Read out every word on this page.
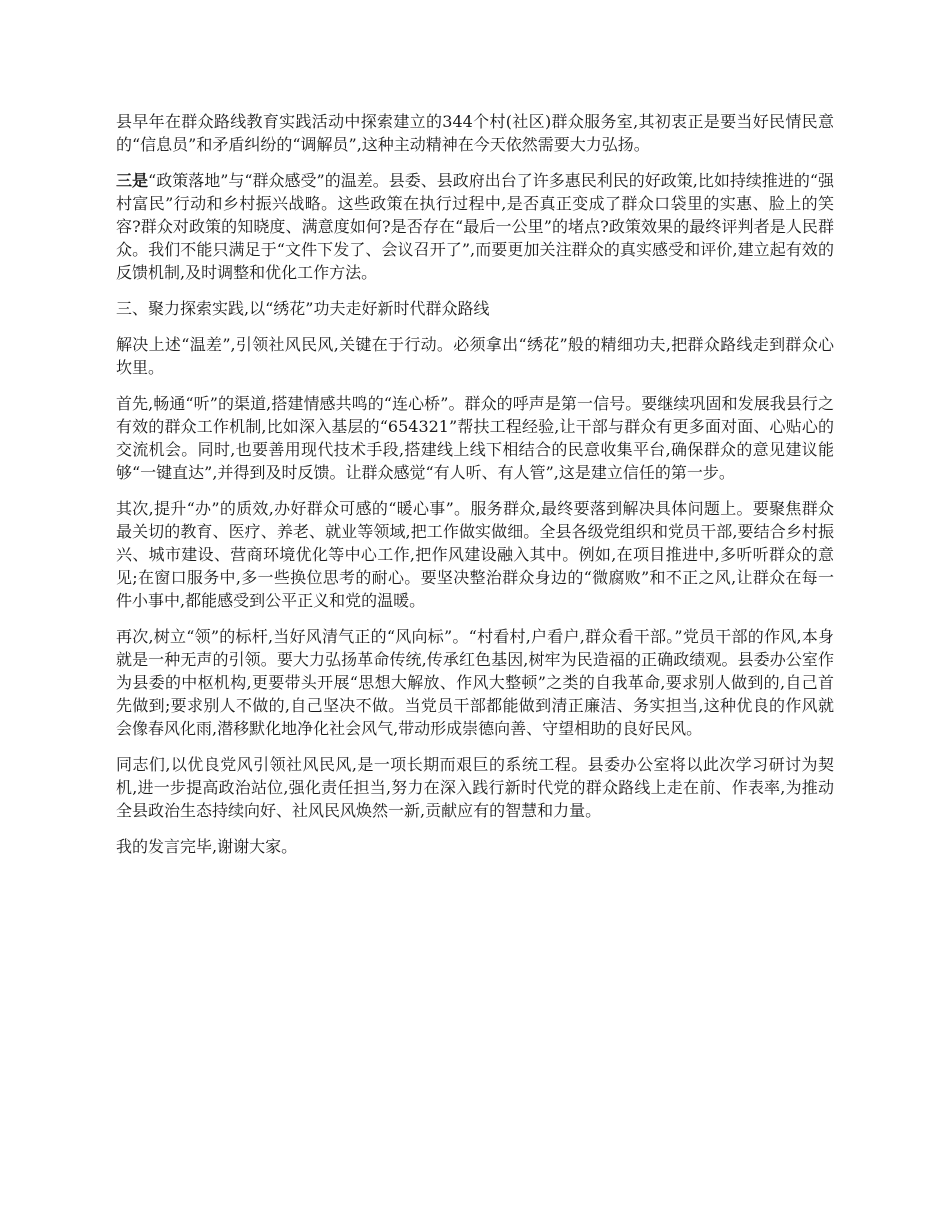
县早年在群众路线教育实践活动中探索建立的344个村(社区)群众服务室,其初衷正是要当好民情民意的“信息员”和矛盾纠纷的“调解员”,这种主动精神在今天依然需要大力弘扬。
三是“政策落地”与“群众感受”的温差。县委、县政府出台了许多惠民利民的好政策,比如持续推进的“强村富民”行动和乡村振兴战略。这些政策在执行过程中,是否真正变成了群众口袋里的实惠、脸上的笑容?群众对政策的知晓度、满意度如何?是否存在“最后一公里”的堵点?政策效果的最终评判者是人民群众。我们不能只满足于“文件下发了、会议召开了”,而要更加关注群众的真实感受和评价,建立起有效的反馈机制,及时调整和优化工作方法。
三、聚力探索实践,以“绣花”功夫走好新时代群众路线
解决上述“温差”,引领社风民风,关键在于行动。必须拿出“绣花”般的精细功夫,把群众路线走到群众心坎里。
首先,畅通“听”的渠道,搭建情感共鸣的“连心桥”。群众的呼声是第一信号。要继续巩固和发展我县行之有效的群众工作机制,比如深入基层的“654321”帮扶工程经验,让干部与群众有更多面对面、心贴心的交流机会。同时,也要善用现代技术手段,搭建线上线下相结合的民意收集平台,确保群众的意见建议能够“一键直达”,并得到及时反馈。让群众感觉“有人听、有人管”,这是建立信任的第一步。
其次,提升“办”的质效,办好群众可感的“暖心事”。服务群众,最终要落到解决具体问题上。要聚焦群众最关切的教育、医疗、养老、就业等领域,把工作做实做细。全县各级党组织和党员干部,要结合乡村振兴、城市建设、营商环境优化等中心工作,把作风建设融入其中。例如,在项目推进中,多听听群众的意见;在窗口服务中,多一些换位思考的耐心。要坚决整治群众身边的“微腐败”和不正之风,让群众在每一件小事中,都能感受到公平正义和党的温暖。
再次,树立“领”的标杆,当好风清气正的“风向标”。“村看村,户看户,群众看干部。”党员干部的作风,本身就是一种无声的引领。要大力弘扬革命传统,传承红色基因,树牢为民造福的正确政绩观。县委办公室作为县委的中枢机构,更要带头开展“思想大解放、作风大整顿”之类的自我革命,要求别人做到的,自己首先做到;要求别人不做的,自己坚决不做。当党员干部都能做到清正廉洁、务实担当,这种优良的作风就会像春风化雨,潜移默化地净化社会风气,带动形成崇德向善、守望相助的良好民风。
同志们,以优良党风引领社风民风,是一项长期而艰巨的系统工程。县委办公室将以此次学习研讨为契机,进一步提高政治站位,强化责任担当,努力在深入践行新时代党的群众路线上走在前、作表率,为推动全县政治生态持续向好、社风民风焕然一新,贡献应有的智慧和力量。
我的发言完毕,谢谢大家。
